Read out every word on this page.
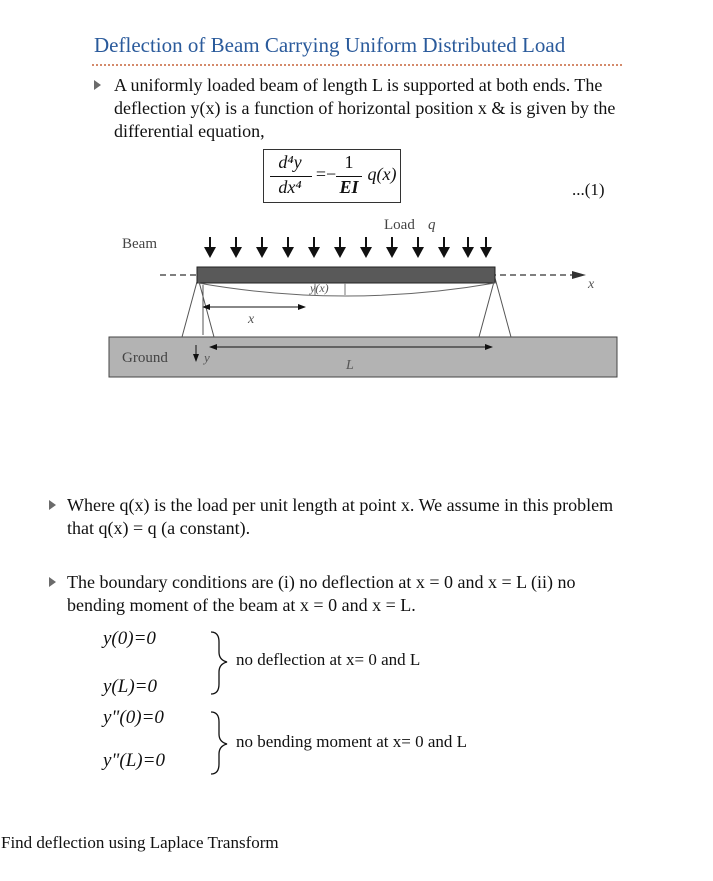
Deflection of Beam Carrying Uniform Distributed Load
A uniformly loaded beam of length L is supported at both ends. The deflection y(x) is a function of horizontal position x & is given by the differential equation,
d⁴y
dx⁴
= −
1
EI
q(x)
...(1)
Load q
Beam
Ground
x
x
y
y(x)
L
Where q(x) is the load per unit length at point x. We assume in this problem that q(x) = q (a constant).
The boundary conditions are (i) no deflection at x = 0 and x = L (ii) no bending moment of the beam at x = 0 and x = L.
y(0)=0
y(L)=0
y"(0)=0
y"(L)=0
no deflection at x= 0 and L
no bending moment at x= 0 and L
Find deflection using Laplace Transform
